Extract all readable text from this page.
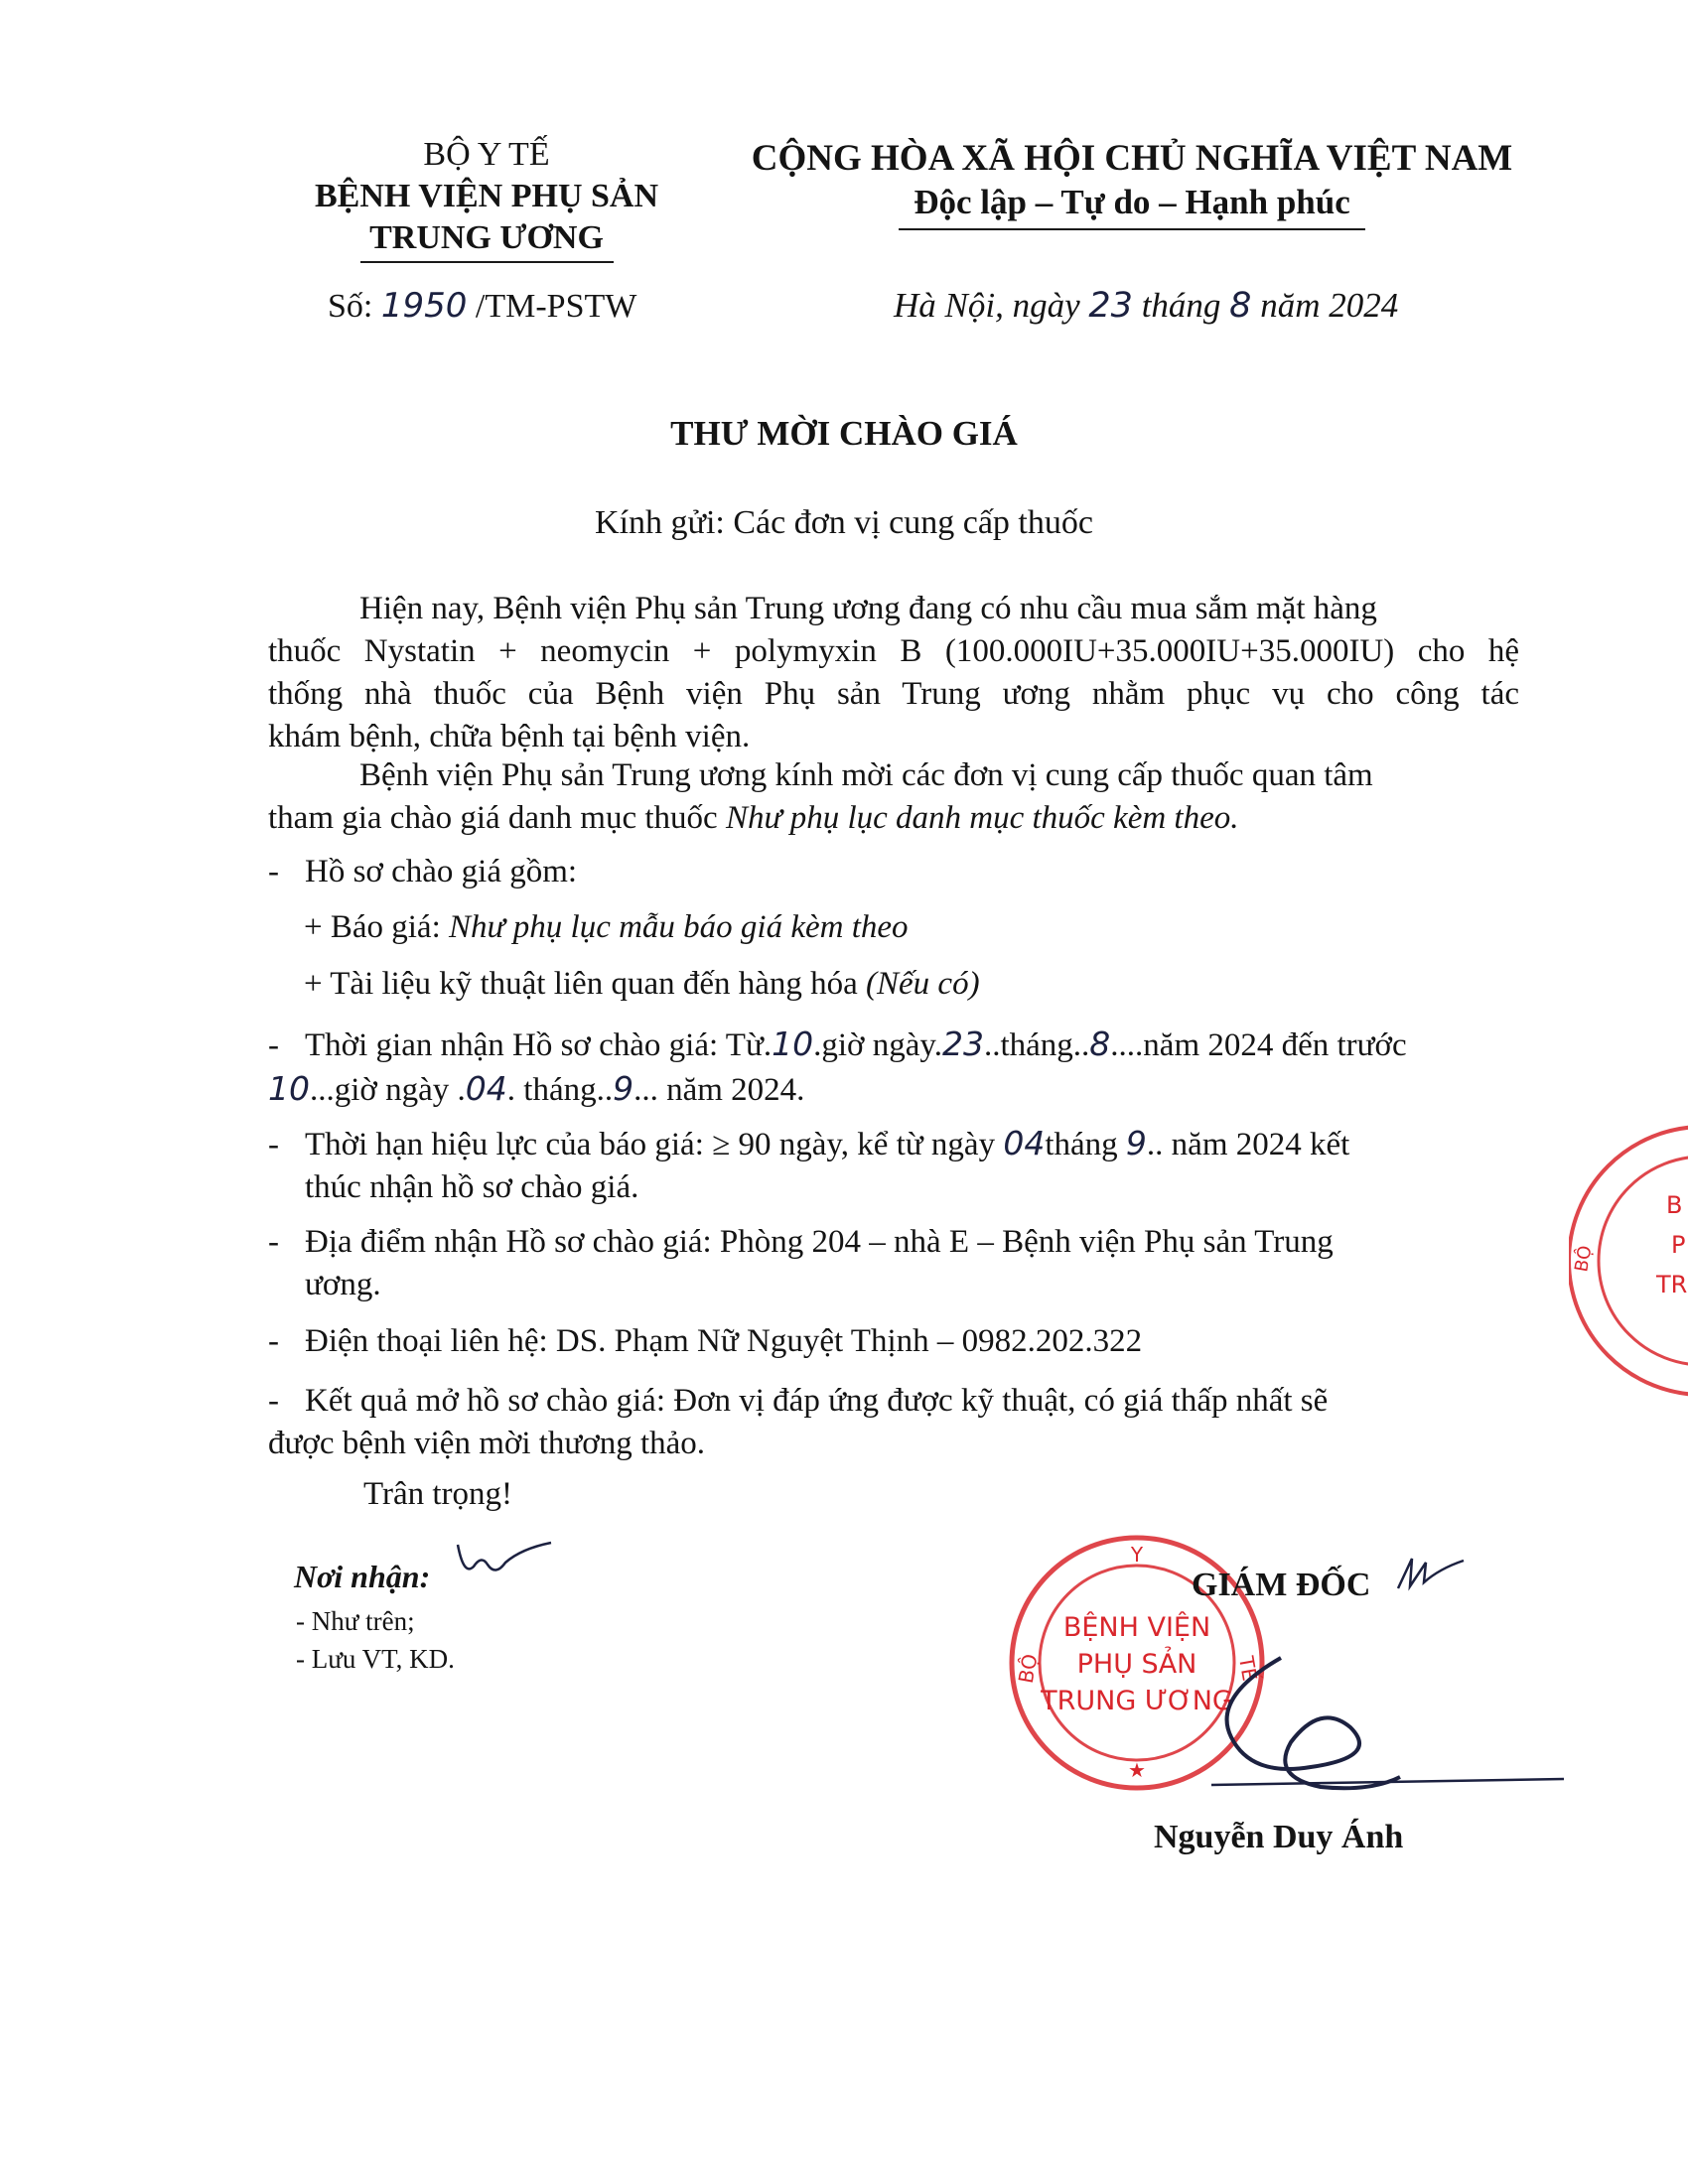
BỘ Y TẾ
BỆNH VIỆN PHỤ SẢN
TRUNG ƯƠNG
Số: 1950 /TM-PSTW
CỘNG HÒA XÃ HỘI CHỦ NGHĨA VIỆT NAM
Độc lập – Tự do – Hạnh phúc
Hà Nội, ngày 23 tháng 8 năm 2024
THƯ MỜI CHÀO GIÁ
Kính gửi: Các đơn vị cung cấp thuốc
Hiện nay, Bệnh viện Phụ sản Trung ương đang có nhu cầu mua sắm mặt hàng
thuốc Nystatin + neomycin + polymyxin B (100.000IU+35.000IU+35.000IU) cho hệ
thống nhà thuốc của Bệnh viện Phụ sản Trung ương nhằm phục vụ cho công tác
khám bệnh, chữa bệnh tại bệnh viện.
Bệnh viện Phụ sản Trung ương kính mời các đơn vị cung cấp thuốc quan tâm
tham gia chào giá danh mục thuốc Như phụ lục danh mục thuốc kèm theo.
- Hồ sơ chào giá gồm:
+ Báo giá: Như phụ lục mẫu báo giá kèm theo
+ Tài liệu kỹ thuật liên quan đến hàng hóa (Nếu có)
- Thời gian nhận Hồ sơ chào giá: Từ.10.giờ ngày.23..tháng..8....năm 2024 đến trước
10...giờ ngày .04. tháng..9... năm 2024.
- Thời hạn hiệu lực của báo giá: ≥ 90 ngày, kể từ ngày 04tháng 9.. năm 2024 kết
thúc nhận hồ sơ chào giá.
- Địa điểm nhận Hồ sơ chào giá: Phòng 204 – nhà E – Bệnh viện Phụ sản Trung
ương.
- Điện thoại liên hệ: DS. Phạm Nữ Nguyệt Thịnh – 0982.202.322
- Kết quả mở hồ sơ chào giá: Đơn vị đáp ứng được kỹ thuật, có giá thấp nhất sẽ
được bệnh viện mời thương thảo.
Trân trọng!
Nơi nhận:
- Như trên;
- Lưu VT, KD.
Y
BỘ	TẾ
BỆNH VIỆN
PHỤ SẢN
TRUNG ƯƠNG
★
GIÁM ĐỐC
Nguyễn Duy Ánh
B
P
TR
BỘ
